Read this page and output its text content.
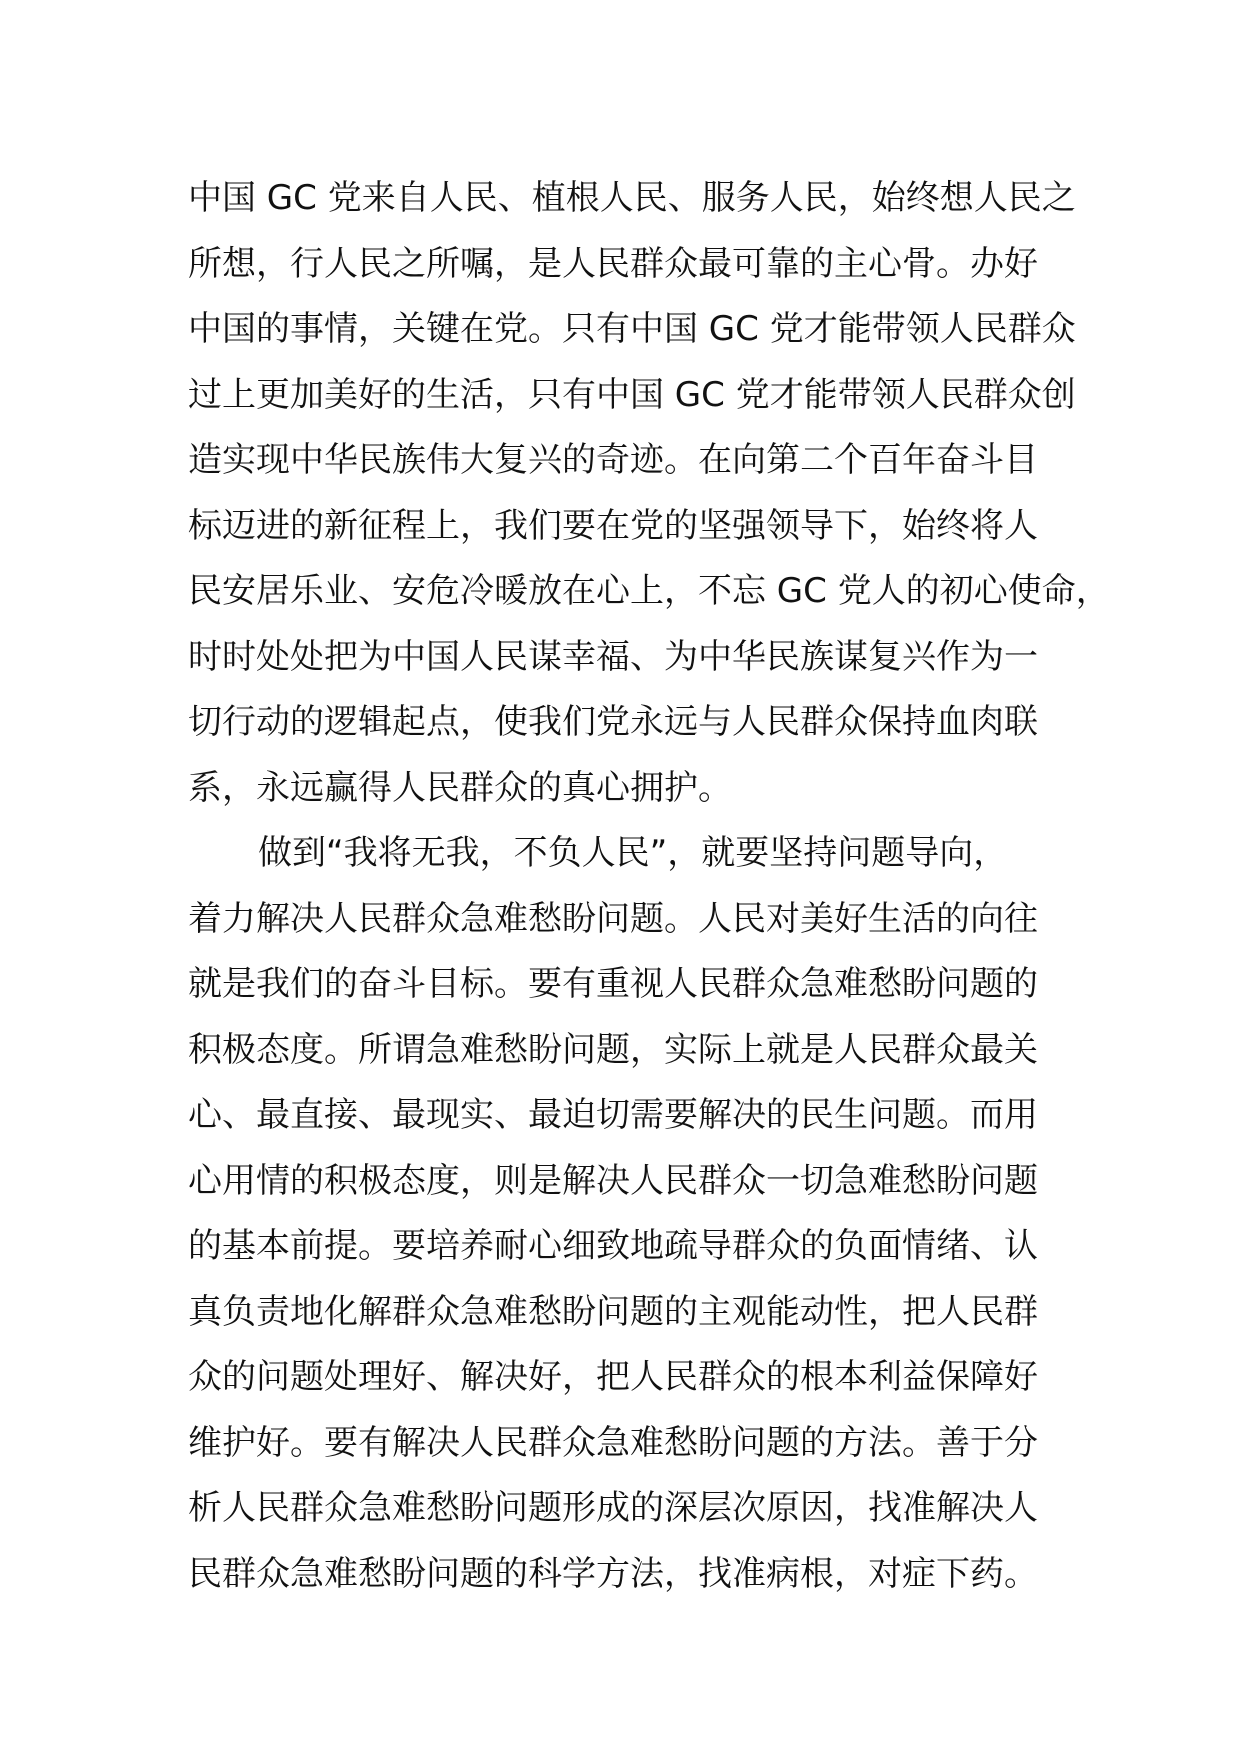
中国 GC 党来自人民、植根人民、服务人民，始终想人民之
所想，行人民之所嘱，是人民群众最可靠的主心骨。办好
中国的事情，关键在党。只有中国 GC 党才能带领人民群众
过上更加美好的生活，只有中国 GC 党才能带领人民群众创
造实现中华民族伟大复兴的奇迹。在向第二个百年奋斗目
标迈进的新征程上，我们要在党的坚强领导下，始终将人
民安居乐业、安危冷暖放在心上，不忘 GC 党人的初心使命，
时时处处把为中国人民谋幸福、为中华民族谋复兴作为一
切行动的逻辑起点，使我们党永远与人民群众保持血肉联
系，永远赢得人民群众的真心拥护。
做到“我将无我，不负人民”，就要坚持问题导向，
着力解决人民群众急难愁盼问题。人民对美好生活的向往
就是我们的奋斗目标。要有重视人民群众急难愁盼问题的
积极态度。所谓急难愁盼问题，实际上就是人民群众最关
心、最直接、最现实、最迫切需要解决的民生问题。而用
心用情的积极态度，则是解决人民群众一切急难愁盼问题
的基本前提。要培养耐心细致地疏导群众的负面情绪、认
真负责地化解群众急难愁盼问题的主观能动性，把人民群
众的问题处理好、解决好，把人民群众的根本利益保障好
维护好。要有解决人民群众急难愁盼问题的方法。善于分
析人民群众急难愁盼问题形成的深层次原因，找准解决人
民群众急难愁盼问题的科学方法，找准病根，对症下药。
